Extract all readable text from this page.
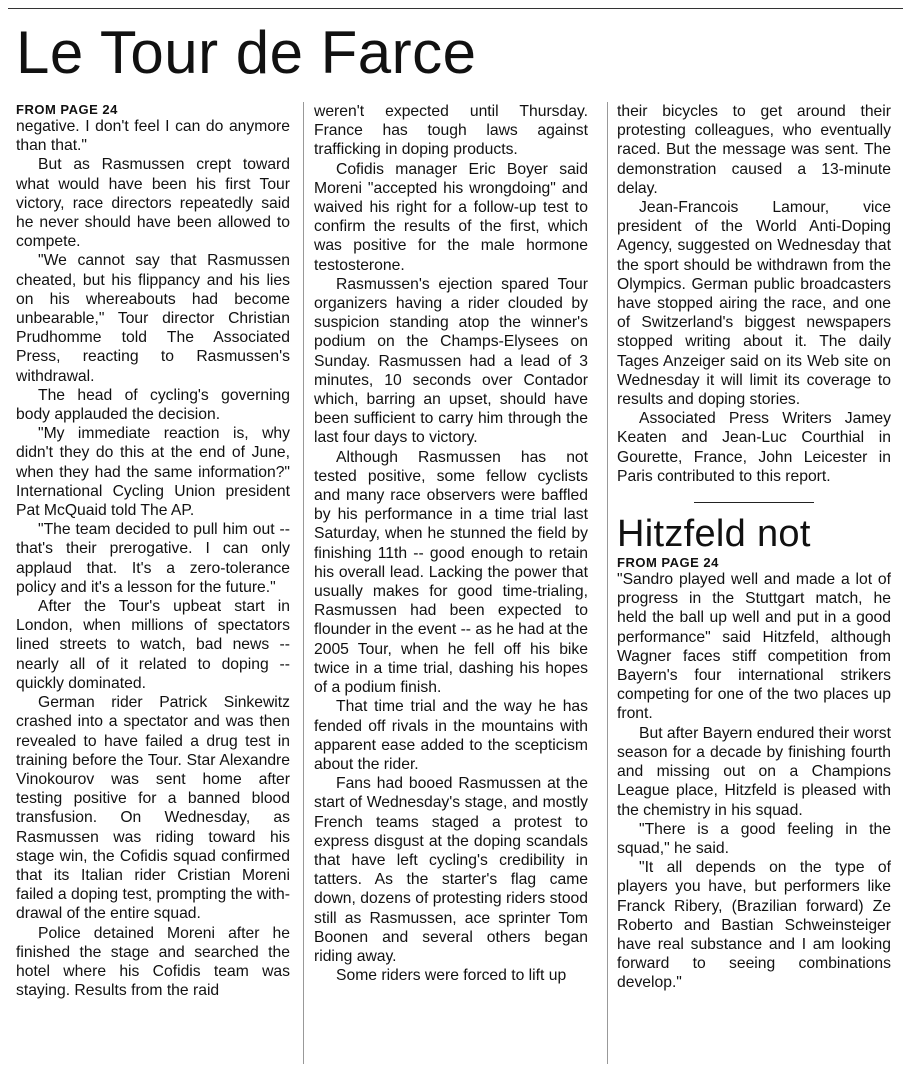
Le Tour de Farce
FROM PAGE 24

negative. I don't feel I can do anymore than that."

But as Rasmussen crept toward what would have been his first Tour victory, race directors repeatedly said he never should have been allowed to compete.

"We cannot say that Rasmussen cheated, but his flippancy and his lies on his whereabouts had become unbearable," Tour director Christian Prudhomme told The Associated Press, reacting to Rasmussen's withdrawal.

The head of cycling's governing body applauded the decision.

"My immediate reaction is, why didn't they do this at the end of June, when they had the same information?" International Cycling Union president Pat McQuaid told The AP.

"The team decided to pull him out -- that's their prerogative. I can only applaud that. It's a zero-tolerance policy and it's a lesson for the future."

After the Tour's upbeat start in London, when millions of spectators lined streets to watch, bad news -- nearly all of it related to doping -- quickly dominated.

German rider Patrick Sinkewitz crashed into a spectator and was then revealed to have failed a drug test in training before the Tour. Star Alexandre Vinokourov was sent home after testing positive for a banned blood transfusion. On Wednesday, as Rasmussen was riding toward his stage win, the Cofidis squad confirmed that its Italian rider Cristian Moreni failed a doping test, prompting the withdrawal of the entire squad.

Police detained Moreni after he finished the stage and searched the hotel where his Cofidis team was staying. Results from the raid

weren't expected until Thursday. France has tough laws against trafficking in doping products.

Cofidis manager Eric Boyer said Moreni "accepted his wrongdoing" and waived his right for a follow-up test to confirm the results of the first, which was positive for the male hormone testosterone.

Rasmussen's ejection spared Tour organizers having a rider clouded by suspicion standing atop the winner's podium on the Champs-Elysees on Sunday. Rasmussen had a lead of 3 minutes, 10 seconds over Contador which, barring an upset, should have been sufficient to carry him through the last four days to victory.

Although Rasmussen has not tested positive, some fellow cyclists and many race observers were baffled by his performance in a time trial last Saturday, when he stunned the field by finishing 11th -- good enough to retain his overall lead. Lacking the power that usually makes for good time-trialing, Rasmussen had been expected to flounder in the event -- as he had at the 2005 Tour, when he fell off his bike twice in a time trial, dashing his hopes of a podium finish.

That time trial and the way he has fended off rivals in the mountains with apparent ease added to the scepticism about the rider.

Fans had booed Rasmussen at the start of Wednesday's stage, and mostly French teams staged a protest to express disgust at the doping scandals that have left cycling's credibility in tatters. As the starter's flag came down, dozens of protesting riders stood still as Rasmussen, ace sprinter Tom Boonen and several others began riding away.

Some riders were forced to lift up

their bicycles to get around their protesting colleagues, who eventually raced. But the message was sent. The demonstration caused a 13-minute delay.

Jean-Francois Lamour, vice president of the World Anti-Doping Agency, suggested on Wednesday that the sport should be withdrawn from the Olympics. German public broadcasters have stopped airing the race, and one of Switzerland's biggest newspapers stopped writing about it. The daily Tages Anzeiger said on its Web site on Wednesday it will limit its coverage to results and doping stories.

Associated Press Writers Jamey Keaten and Jean-Luc Courthial in Gourette, France, John Leicester in Paris contributed to this report.

Hitzfeld not
FROM PAGE 24

"Sandro played well and made a lot of progress in the Stuttgart match, he held the ball up well and put in a good performance" said Hitzfeld, although Wagner faces stiff competition from Bayern's four international strikers competing for one of the two places up front.

But after Bayern endured their worst season for a decade by finishing fourth and missing out on a Champions League place, Hitzfeld is pleased with the chemistry in his squad.

"There is a good feeling in the squad," he said.

"It all depends on the type of players you have, but performers like Franck Ribery, (Brazilian forward) Ze Roberto and Bastian Schweinsteiger have real substance and I am looking forward to seeing combinations develop."
